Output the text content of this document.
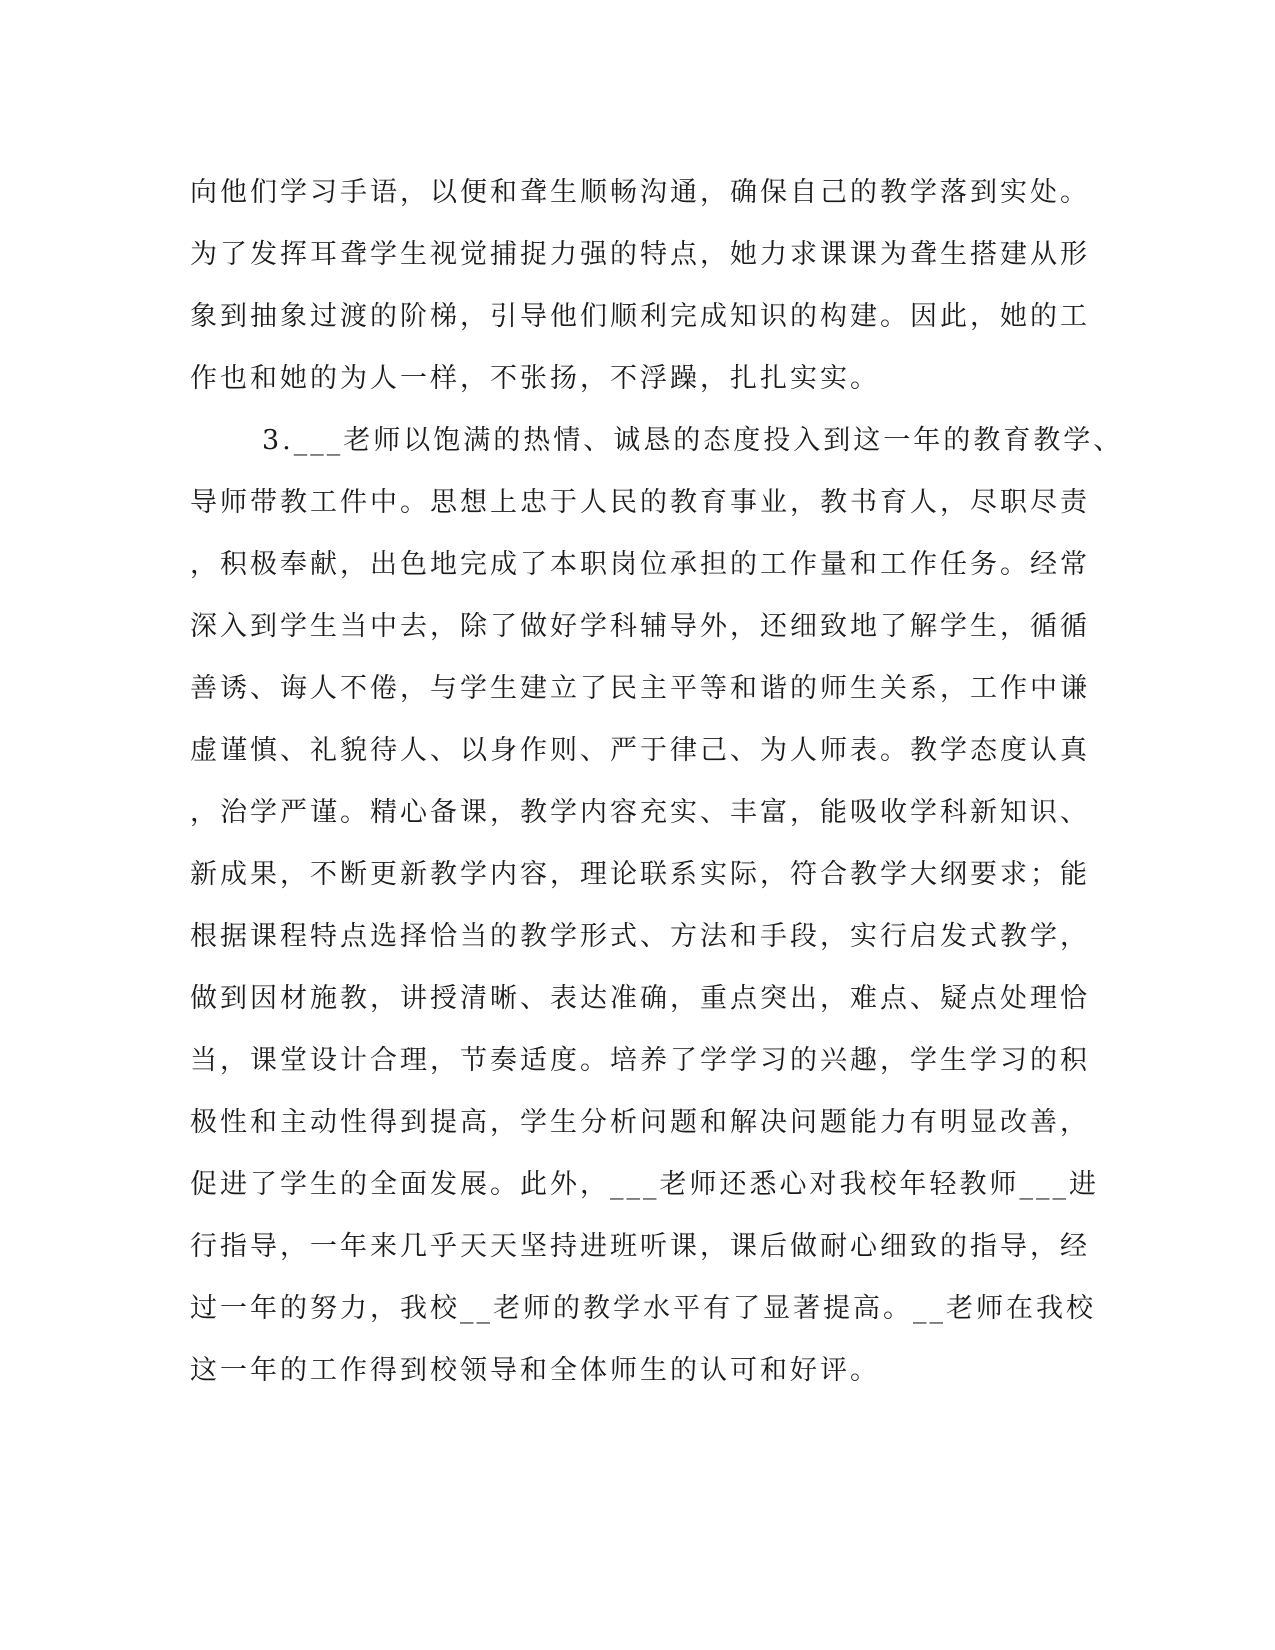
向他们学习手语，以便和聋生顺畅沟通，确保自己的教学落到实处。
为了发挥耳聋学生视觉捕捉力强的特点，她力求课课为聋生搭建从形
象到抽象过渡的阶梯，引导他们顺利完成知识的构建。因此，她的工
作也和她的为人一样，不张扬，不浮躁，扎扎实实。
3.___老师以饱满的热情、诚恳的态度投入到这一年的教育教学、
导师带教工件中。思想上忠于人民的教育事业，教书育人，尽职尽责
，积极奉献，出色地完成了本职岗位承担的工作量和工作任务。经常
深入到学生当中去，除了做好学科辅导外，还细致地了解学生，循循
善诱、诲人不倦，与学生建立了民主平等和谐的师生关系，工作中谦
虚谨慎、礼貌待人、以身作则、严于律己、为人师表。教学态度认真
，治学严谨。精心备课，教学内容充实、丰富，能吸收学科新知识、
新成果，不断更新教学内容，理论联系实际，符合教学大纲要求；能
根据课程特点选择恰当的教学形式、方法和手段，实行启发式教学，
做到因材施教，讲授清晰、表达准确，重点突出，难点、疑点处理恰
当，课堂设计合理，节奏适度。培养了学学习的兴趣，学生学习的积
极性和主动性得到提高，学生分析问题和解决问题能力有明显改善，
促进了学生的全面发展。此外，___老师还悉心对我校年轻教师___进
行指导，一年来几乎天天坚持进班听课，课后做耐心细致的指导，经
过一年的努力，我校__老师的教学水平有了显著提高。__老师在我校
这一年的工作得到校领导和全体师生的认可和好评。
